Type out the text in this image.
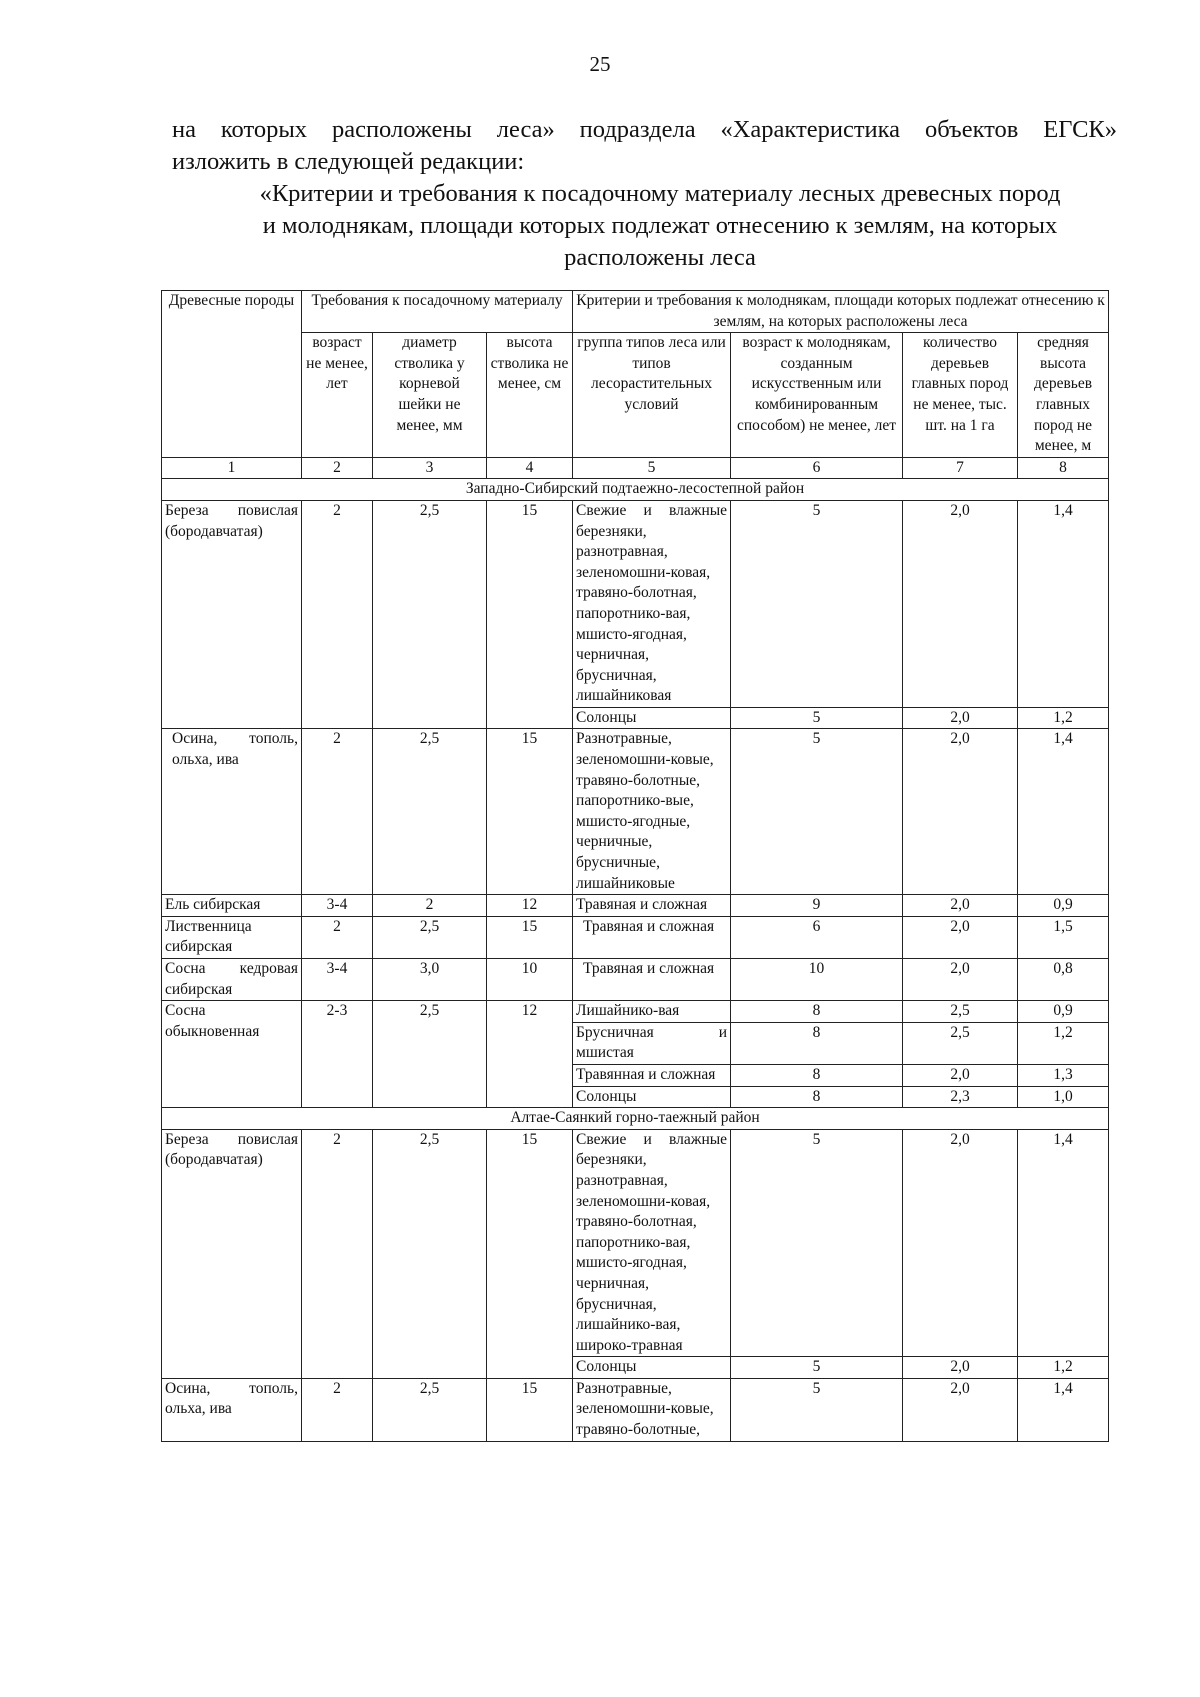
25

на которых расположены леса» подраздела «Характеристика объектов ЕГСК»
изложить в следующей редакции:

«Критерии и требования к посадочному материалу лесных древесных пород
и молоднякам, площади которых подлежат отнесению к землям, на которых
расположены леса
Древесные породы	Требования к посадочному материалу			Критерии и требования к молоднякам, площади которых подлежат отнесению к землям, на которых расположены леса			
	возраст не менее, лет	диаметр стволика у корневой шейки не менее, мм	высота стволика не менее, см	группа типов леса или типов лесорастительных условий	возраст к молоднякам, созданным искусственным или комбинированным способом) не менее, лет	количество деревьев главных пород не менее, тыс. шт. на 1 га	средняя высота деревьев главных пород не менее, м
1	2	3	4	5	6	7	8
Западно-Сибирский подтаежно-лесостепной район							
Береза повислая (бородавчатая)	2	2,5	15	Свежие и влажные березняки, разнотравная, зеленомошни-ковая, травяно-болотная, папоротнико-вая, мшисто-ягодная, черничная, брусничная, лишайниковая	5	2,0	1,4
				Солонцы	5	2,0	1,2
Осина, тополь, ольха, ива	2	2,5	15	Разнотравные, зеленомошни-ковые, травяно-болотные, папоротнико-вые, мшисто-ягодные, черничные, брусничные, лишайниковые	5	2,0	1,4
Ель сибирская	3-4	2	12	Травяная и сложная	9	2,0	0,9
Лиственница сибирская	2	2,5	15	Травяная и сложная	6	2,0	1,5
Сосна кедровая сибирская	3-4	3,0	10	Травяная и сложная	10	2,0	0,8
Сосна обыкновенная	2-3	2,5	12	Лишайнико-вая	8	2,5	0,9
				Брусничная и мшистая	8	2,5	1,2
				Травянная и сложная	8	2,0	1,3
				Солонцы	8	2,3	1,0
Алтае-Саянкий горно-таежный район							
Береза повислая (бородавчатая)	2	2,5	15	Свежие и влажные березняки, разнотравная, зеленомошни-ковая, травяно-болотная, папоротнико-вая, мшисто-ягодная, черничная, брусничная, лишайнико-вая, широко-травная	5	2,0	1,4
				Солонцы	5	2,0	1,2
Осина, тополь, ольха, ива	2	2,5	15	Разнотравные, зеленомошни-ковые, травяно-болотные,	5	2,0	1,4
